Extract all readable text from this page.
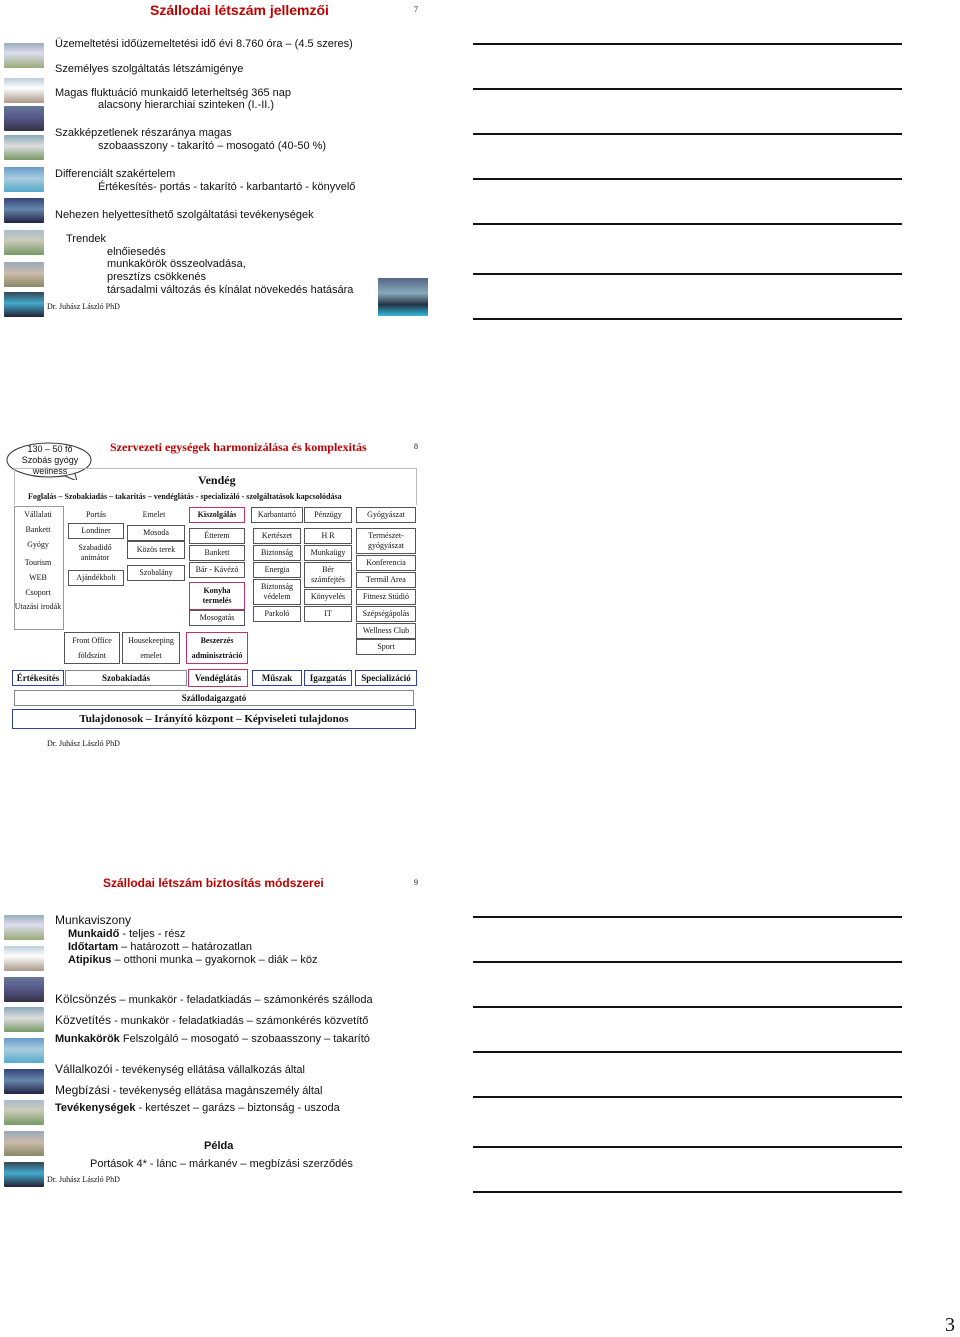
Szállodai létszám jellemzői	7
Üzemeltetési időüzemeltetési idő évi 8.760 óra – (4.5 szeres)
Személyes szolgáltatás létszámigénye
Magas fluktuáció munkaidő leterheltség 365 nap
alacsony hierarchiai szinteken (I.-II.)
Szakképzetlenek részaránya magas
szobaasszony - takarító – mosogató (40-50 %)
Differenciált szakértelem
Értékesítés- portás - takarító - karbantartó - könyvelő
Nehezen helyettesíthető szolgáltatási tevékenységek
Trendek
elnőiesedés
munkakörök összeolvadása,
presztízs csökkenés
társadalmi változás és kínálat növekedés hatására
Dr. Juhász László PhD
130 – 50 fő
Szobás gyógy
wellness
Szervezeti egységek harmonizálása és komplexitás	8
Vendég
Foglalás – Szobakiadás – takarítás – vendéglátás - specializáló - szolgáltatások kapcsolódása
Vállalati
Bankett
Gyógy
Tourism
WEB
Csoport
Utazási irodák
Portás
Londiner
Szabadidő animátor
Ajándékbolt
Front Office
földszint
Emelet
Mosoda
Közös terek
Szobalány
Housekeeping
emelet
Kiszolgálás
Étterem
Bankett
Bár - Kávézó
Konyha termelés
Mosogatás
Beszerzés
adminisztráció
Karbantartó
Kertészet
Biztonság
Energia
Biztonság védelem
Parkoló
Pénzügy
H R
Munkaügy
Bér számfejtés
Könyvelés
IT
Gyógyászat
Természet- gyógyászat
Konferencia
Termál Area
Fitnesz Stúdió
Szépségápolás
Wellness Club
Sport
Értékesítés	Szobakiadás	Vendéglátás	Műszak	Igazgatás	Specializáció
Szállodaigazgató
Tulajdonosok – Irányító központ – Képviseleti tulajdonos
Dr. Juhász László PhD
Szállodai létszám biztosítás módszerei	9
Munkaviszony
Munkaidő - teljes - rész
Időtartam – határozott – határozatlan
Atipikus – otthoni munka – gyakornok – diák – köz
Kölcsönzés – munkakör - feladatkiadás – számonkérés szálloda
Közvetítés - munkakör - feladatkiadás – számonkérés közvetítő
Munkakörök Felszolgáló – mosogató – szobaasszony – takarító
Vállalkozói - tevékenység ellátása vállalkozás által
Megbízási - tevékenység ellátása magánszemély által
Tevékenységek - kertészet – garázs – biztonság - uszoda
Példa
Portások 4* - lánc – márkanév – megbízási szerződés
Dr. Juhász László PhD
3
